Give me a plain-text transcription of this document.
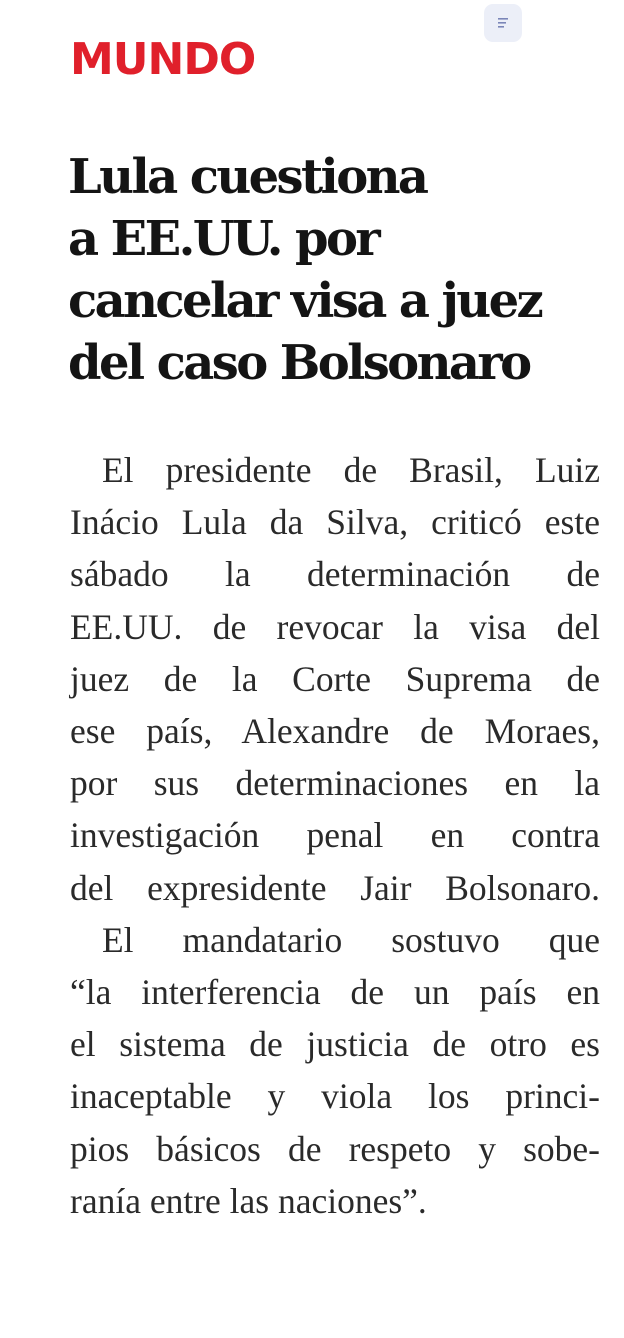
MUNDO
Lula cuestiona
a EE.UU. por
cancelar visa a juez
del caso Bolsonaro

El presidente de Brasil, Luiz
Inácio Lula da Silva, criticó este
sábado la determinación de
EE.UU. de revocar la visa del
juez de la Corte Suprema de
ese país, Alexandre de Moraes,
por sus determinaciones en la
investigación penal en contra
del expresidente Jair Bolsonaro.

El mandatario sostuvo que
“la interferencia de un país en
el sistema de justicia de otro es
inaceptable y viola los princi-
pios básicos de respeto y sobe-
ranía entre las naciones”.
